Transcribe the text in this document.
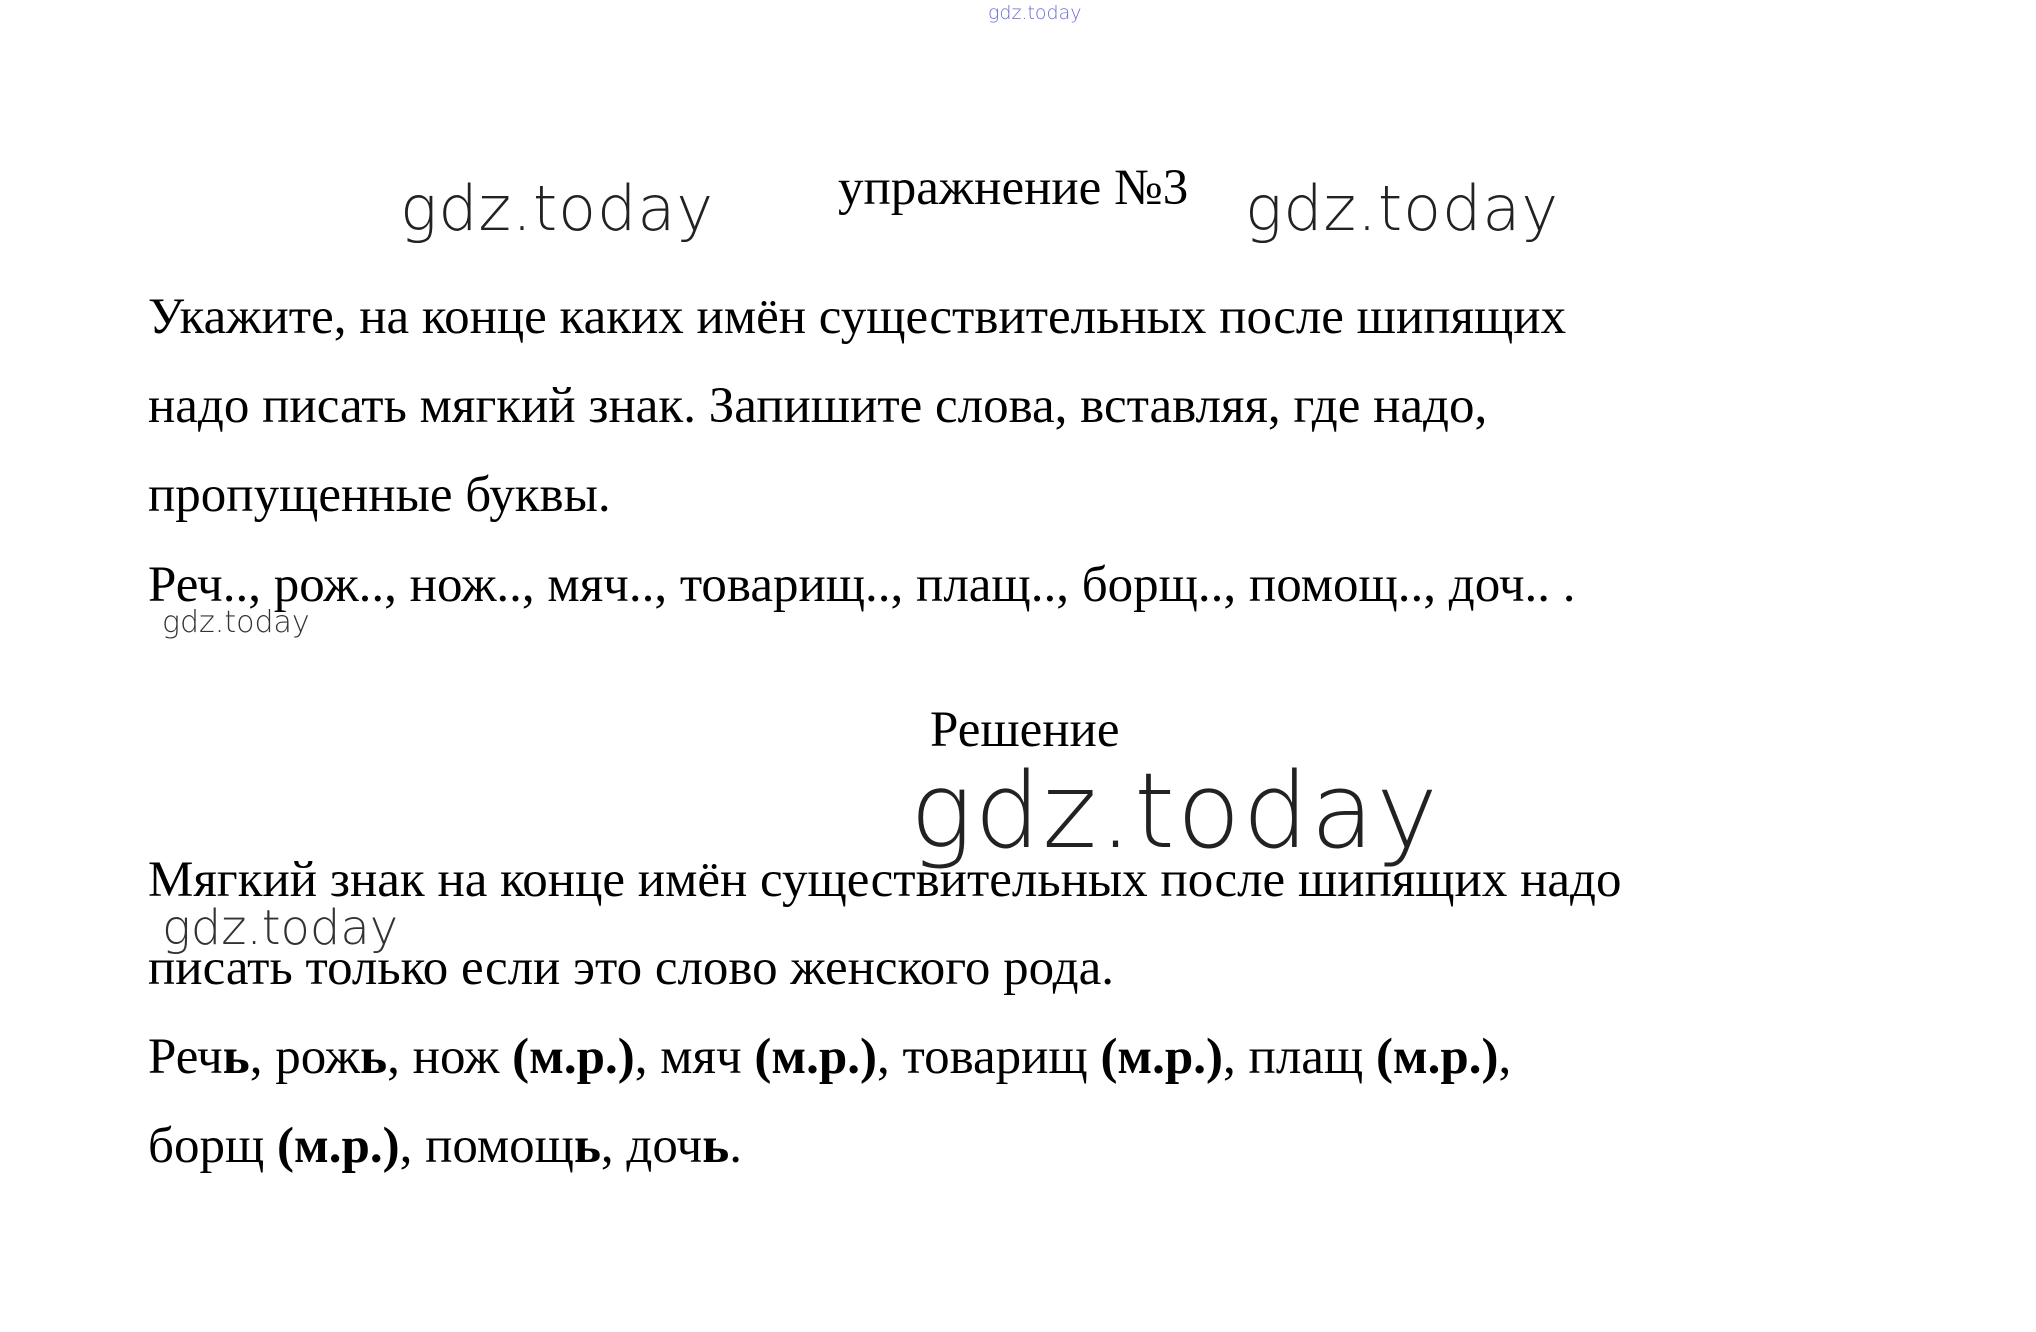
gdz.today
gdz.today	gdz.today
gdz.today
gdz.today
gdz.today
упражнение №3
Укажите, на конце каких имён существительных после шипящих
надо писать мягкий знак. Запишите слова, вставляя, где надо,
пропущенные буквы.
Реч.., рож.., нож.., мяч.., товарищ.., плащ.., борщ.., помощ.., доч.. .
Решение
Мягкий знак на конце имён существительных после шипящих надо
писать только если это слово женского рода.
Речь, рожь, нож (м.р.), мяч (м.р.), товарищ (м.р.), плащ (м.р.),
борщ (м.р.), помощь, дочь.
